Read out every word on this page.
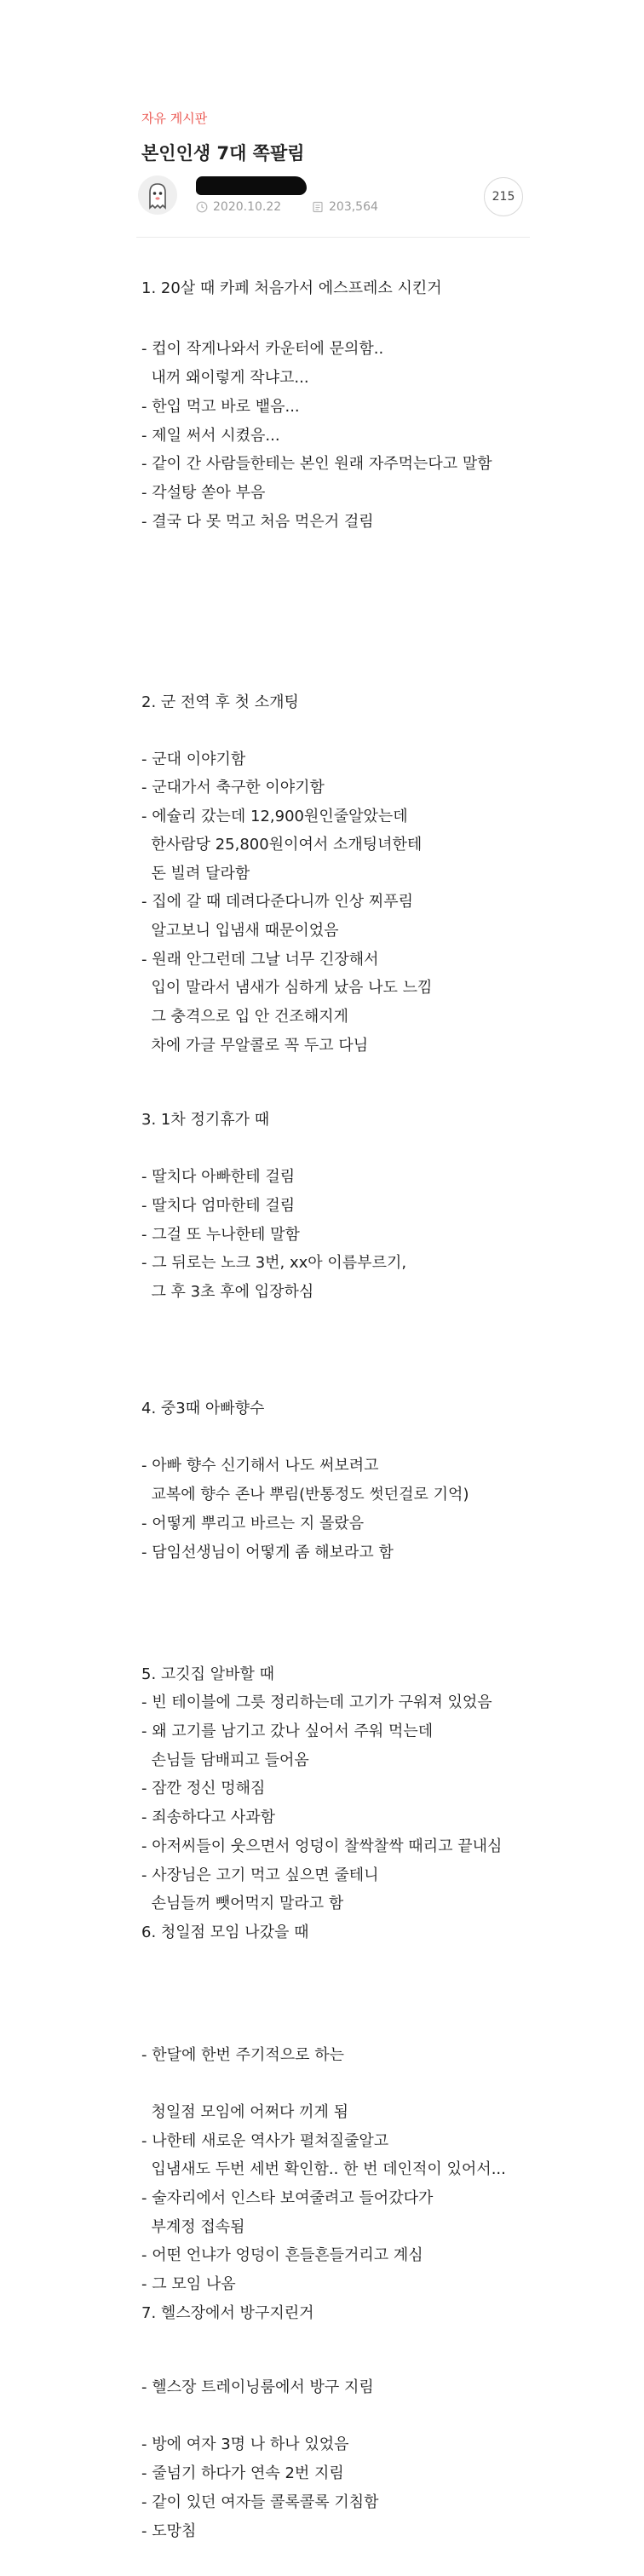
자유 게시판
본인인생 7대 쪽팔림
2020.10.22	203,564
215
1. 20살 때 카페 처음가서 에스프레소 시킨거
- 컵이 작게나와서 카운터에 문의함..
내꺼 왜이렇게 작냐고...
- 한입 먹고 바로 뱉음...
- 제일 써서 시켰음...
- 같이 간 사람들한테는 본인 원래 자주먹는다고 말함
- 각설탕 쏟아 부음
- 결국 다 못 먹고 처음 먹은거 걸림
2. 군 전역 후 첫 소개팅
- 군대 이야기함
- 군대가서 축구한 이야기함
- 에슐리 갔는데 12,900원인줄알았는데
한사람당 25,800원이여서 소개팅녀한테
돈 빌려 달라함
- 집에 갈 때 데려다준다니까 인상 찌푸림
알고보니 입냄새 때문이었음
- 원래 안그런데 그날 너무 긴장해서
입이 말라서 냄새가 심하게 났음 나도 느낌
그 충격으로 입 안 건조해지게
차에 가글 무알콜로 꼭 두고 다님
3. 1차 정기휴가 때
- 딸치다 아빠한테 걸림
- 딸치다 엄마한테 걸림
- 그걸 또 누나한테 말함
- 그 뒤로는 노크 3번, xx아 이름부르기,
그 후 3초 후에 입장하심
4. 중3때 아빠향수
- 아빠 향수 신기해서 나도 써보려고
교복에 향수 존나 뿌림(반통정도 썻던걸로 기억)
- 어떻게 뿌리고 바르는 지 몰랐음
- 담임선생님이 어떻게 좀 해보라고 함
5. 고깃집 알바할 때
- 빈 테이블에 그릇 정리하는데 고기가 구워져 있었음
- 왜 고기를 남기고 갔나 싶어서 주워 먹는데
손님들 담배피고 들어옴
- 잠깐 정신 멍해짐
- 죄송하다고 사과함
- 아저씨들이 웃으면서 엉덩이 찰싹찰싹 때리고 끝내심
- 사장님은 고기 먹고 싶으면 줄테니
손님들꺼 뺏어먹지 말라고 함
6. 청일점 모임 나갔을 때
- 한달에 한번 주기적으로 하는
청일점 모임에 어쩌다 끼게 됨
- 나한테 새로운 역사가 펼쳐질줄알고
입냄새도 두번 세번 확인함.. 한 번 데인적이 있어서...
- 술자리에서 인스타 보여줄려고 들어갔다가
부계정 접속됨
- 어떤 언냐가 엉덩이 흔들흔들거리고 계심
- 그 모임 나옴
7. 헬스장에서 방구지린거
- 헬스장 트레이닝룸에서 방구 지림
- 방에 여자 3명 나 하나 있었음
- 줄넘기 하다가 연속 2번 지림
- 같이 있던 여자들 콜록콜록 기침함
- 도망침
